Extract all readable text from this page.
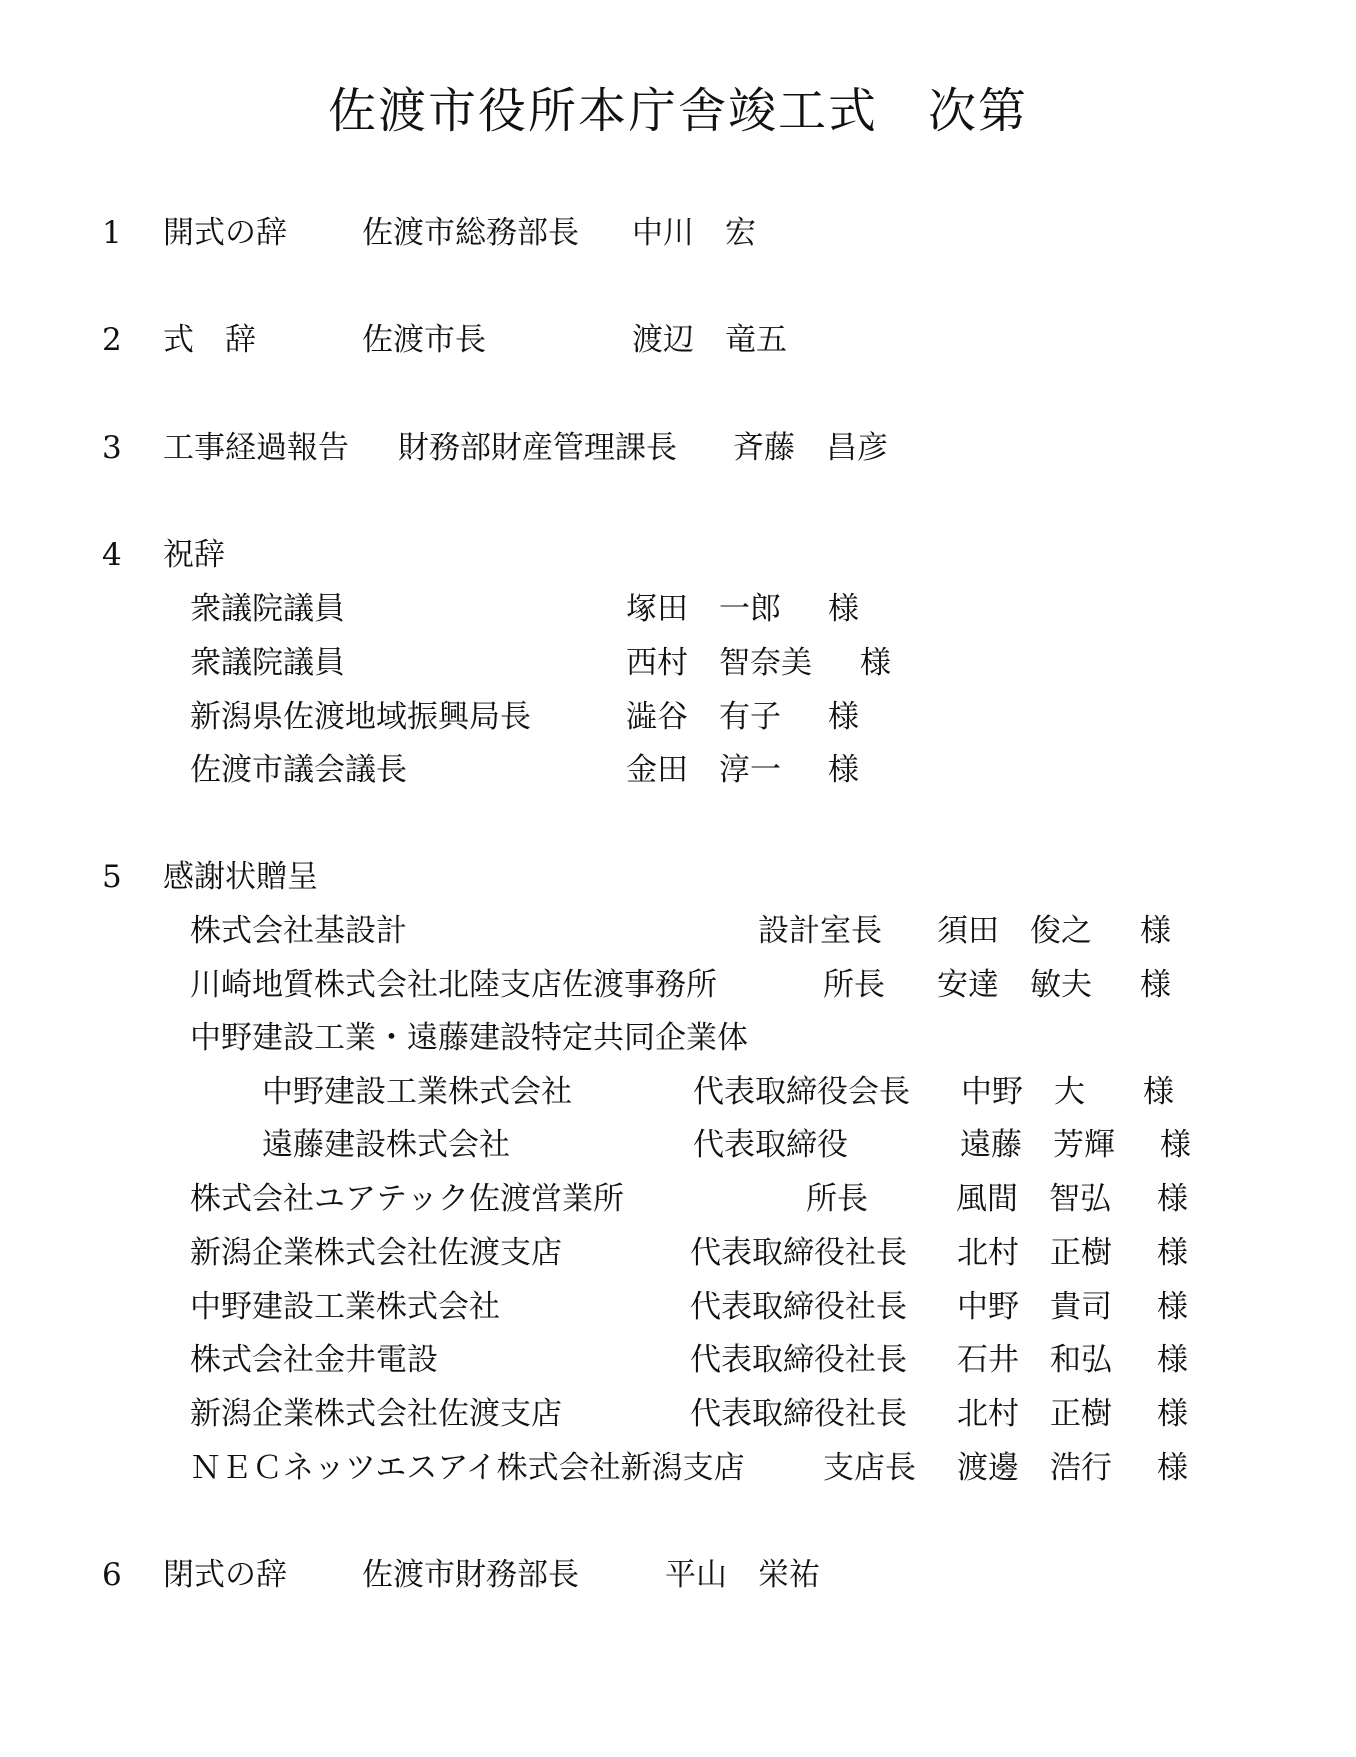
佐渡市役所本庁舎竣工式　次第
1 開式の辞 佐渡市総務部長 中川　宏
2 式　辞	佐渡市長	渡辺　竜五
3 工事経過報告 財務部財産管理課長 斉藤　昌彦
4 祝辞
衆議院議員	塚田　一郎 様
衆議院議員	西村　智奈美 様
新潟県佐渡地域振興局長	澁谷　有子 様
佐渡市議会議長	金田　淳一 様
5 感謝状贈呈
株式会社基設計	設計室長 須田　俊之 様
川崎地質株式会社北陸支店佐渡事務所	所長 安達　敏夫 様
中野建設工業・遠藤建設特定共同企業体
中野建設工業株式会社	代表取締役会長 中野　大 様
遠藤建設株式会社	代表取締役	遠藤　芳輝 様
株式会社ユアテック佐渡営業所	所長	風間　智弘 様
新潟企業株式会社佐渡支店	代表取締役社長 北村　正樹 様
中野建設工業株式会社	代表取締役社長 中野　貴司 様
株式会社金井電設	代表取締役社長 石井　和弘 様
新潟企業株式会社佐渡支店	代表取締役社長 北村　正樹 様
ＮＥＣネッツエスアイ株式会社新潟支店	支店長 渡邊　浩行 様
6 閉式の辞 佐渡市財務部長	平山　栄祐
